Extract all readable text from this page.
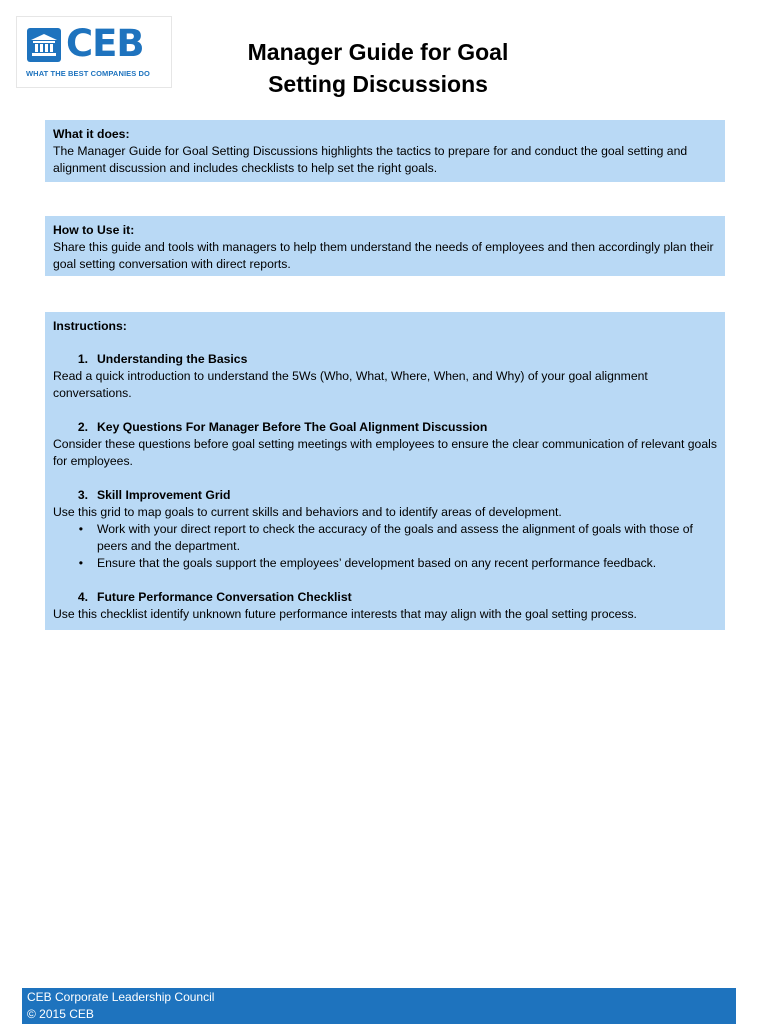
CEB
WHAT THE BEST COMPANIES DO
Manager Guide for Goal
Setting Discussions

What it does:

The Manager Guide for Goal Setting Discussions highlights the tactics to prepare for and conduct the goal setting and alignment discussion and includes checklists to help set the right goals.

How to Use it:

Share this guide and tools with managers to help them understand the needs of employees and then accordingly plan their goal setting conversation with direct reports.

Instructions:

1. Understanding the Basics

Read a quick introduction to understand the 5Ws (Who, What, Where, When, and Why) of your goal alignment conversations.

2. Key Questions For Manager Before The Goal Alignment Discussion

Consider these questions before goal setting meetings with employees to ensure the clear communication of relevant goals for employees.

3. Skill Improvement Grid

Use this grid to map goals to current skills and behaviors and to identify areas of development.

•	Work with your direct report to check the accuracy of the goals and assess the alignment of goals with those of peers and the department.
•	Ensure that the goals support the employees’ development based on any recent performance feedback.
4. Future Performance Conversation Checklist

Use this checklist identify unknown future performance interests that may align with the goal setting process.

CEB Corporate Leadership Council
© 2015 CEB
